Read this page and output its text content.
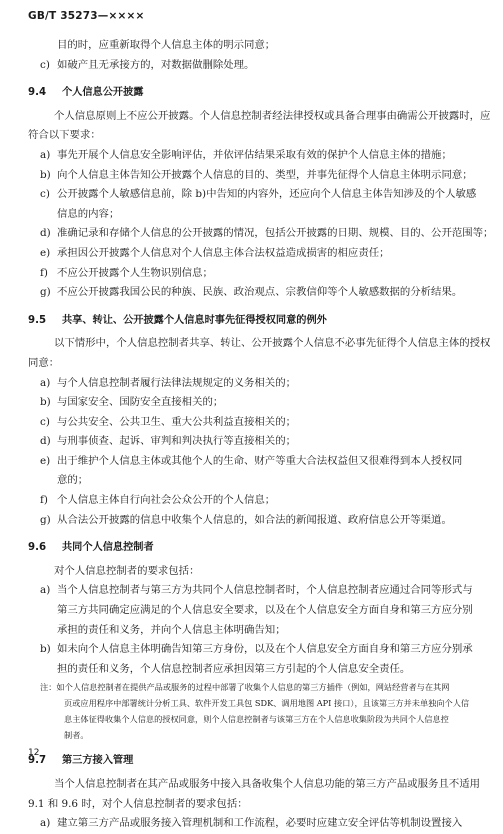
GB/T 35273—××××
目的时，应重新取得个人信息主体的明示同意；
c) 如破产且无承接方的，对数据做删除处理。
9.4 个人信息公开披露
个人信息原则上不应公开披露。个人信息控制者经法律授权或具备合理事由确需公开披露时，应
符合以下要求：
a) 事先开展个人信息安全影响评估，并依评估结果采取有效的保护个人信息主体的措施；
b) 向个人信息主体告知公开披露个人信息的目的、类型，并事先征得个人信息主体明示同意；
c) 公开披露个人敏感信息前，除 b)中告知的内容外，还应向个人信息主体告知涉及的个人敏感
信息的内容；
d) 准确记录和存储个人信息的公开披露的情况，包括公开披露的日期、规模、目的、公开范围等；
e) 承担因公开披露个人信息对个人信息主体合法权益造成损害的相应责任；
f) 不应公开披露个人生物识别信息；
g) 不应公开披露我国公民的种族、民族、政治观点、宗教信仰等个人敏感数据的分析结果。
9.5 共享、转让、公开披露个人信息时事先征得授权同意的例外
以下情形中，个人信息控制者共享、转让、公开披露个人信息不必事先征得个人信息主体的授权
同意：
a) 与个人信息控制者履行法律法规规定的义务相关的；
b) 与国家安全、国防安全直接相关的；
c) 与公共安全、公共卫生、重大公共利益直接相关的；
d) 与刑事侦查、起诉、审判和判决执行等直接相关的；
e) 出于维护个人信息主体或其他个人的生命、财产等重大合法权益但又很难得到本人授权同
意的；
f) 个人信息主体自行向社会公众公开的个人信息；
g) 从合法公开披露的信息中收集个人信息的，如合法的新闻报道、政府信息公开等渠道。
9.6 共同个人信息控制者
对个人信息控制者的要求包括：
a) 当个人信息控制者与第三方为共同个人信息控制者时，个人信息控制者应通过合同等形式与
第三方共同确定应满足的个人信息安全要求，以及在个人信息安全方面自身和第三方应分别
承担的责任和义务，并向个人信息主体明确告知；
b) 如未向个人信息主体明确告知第三方身份，以及在个人信息安全方面自身和第三方应分别承
担的责任和义务，个人信息控制者应承担因第三方引起的个人信息安全责任。
注：如个人信息控制者在提供产品或服务的过程中部署了收集个人信息的第三方插件（例如，网站经营者与在其网
页或应用程序中部署统计分析工具、软件开发工具包 SDK、调用地图 API 接口），且该第三方并未单独向个人信
息主体征得收集个人信息的授权同意，则个人信息控制者与该第三方在个人信息收集阶段为共同个人信息控
制者。
9.7 第三方接入管理
当个人信息控制者在其产品或服务中接入具备收集个人信息功能的第三方产品或服务且不适用
9.1 和 9.6 时，对个人信息控制者的要求包括：
a) 建立第三方产品或服务接入管理机制和工作流程，必要时应建立安全评估等机制设置接入
12
